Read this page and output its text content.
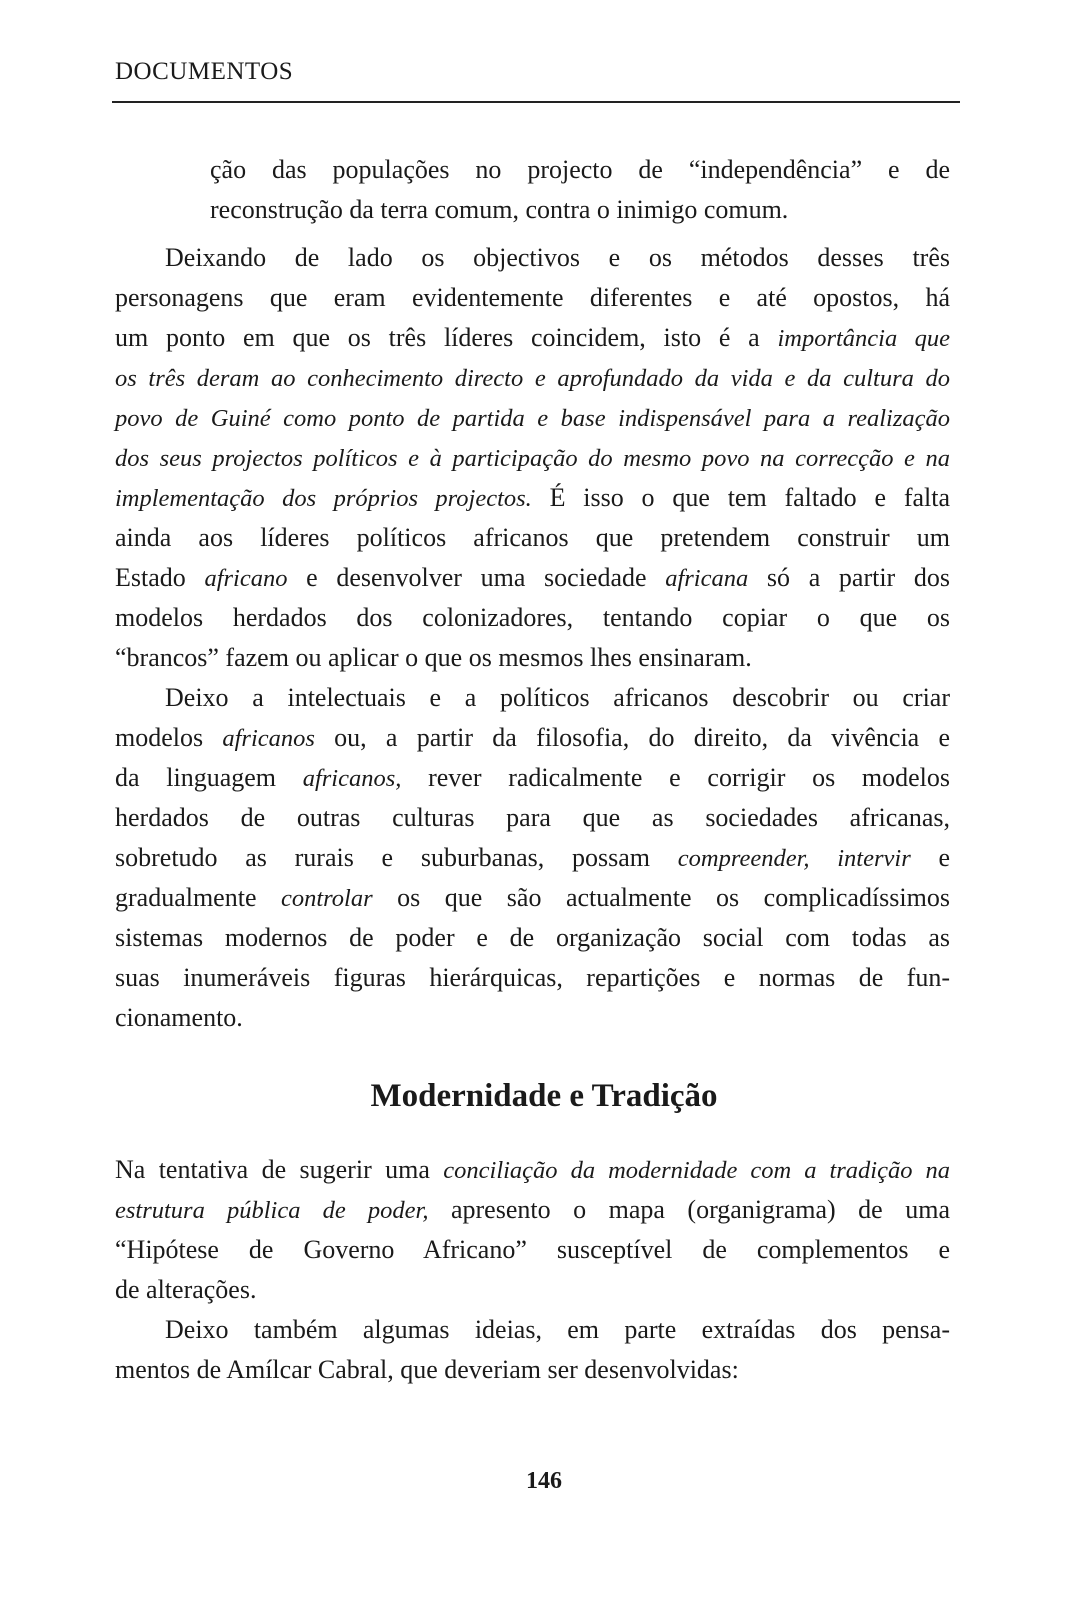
DOCUMENTOS
ção das populações no projecto de “independência” e de
reconstrução da terra comum, contra o inimigo comum.
Deixando de lado os objectivos e os métodos desses três
personagens que eram evidentemente diferentes e até opostos, há
um ponto em que os três líderes coincidem, isto é a importância que
os três deram ao conhecimento directo e aprofundado da vida e da cultura do
povo de Guiné como ponto de partida e base indispensável para a realização
dos seus projectos políticos e à participação do mesmo povo na correcção e na
implementação dos próprios projectos. É isso o que tem faltado e falta
ainda aos líderes políticos africanos que pretendem construir um
Estado africano e desenvolver uma sociedade africana só a partir dos
modelos herdados dos colonizadores, tentando copiar o que os
“brancos” fazem ou aplicar o que os mesmos lhes ensinaram.
Deixo a intelectuais e a políticos africanos descobrir ou criar
modelos africanos ou, a partir da filosofia, do direito, da vivência e
da linguagem africanos, rever radicalmente e corrigir os modelos
herdados de outras culturas para que as sociedades africanas,
sobretudo as rurais e suburbanas, possam compreender, intervir e
gradualmente controlar os que são actualmente os complicadíssimos
sistemas modernos de poder e de organização social com todas as
suas inumeráveis figuras hierárquicas, repartições e normas de fun-
cionamento.
Na tentativa de sugerir uma conciliação da modernidade com a tradição na
estrutura pública de poder, apresento o mapa (organigrama) de uma
“Hipótese de Governo Africano” susceptível de complementos e
de alterações.
Deixo também algumas ideias, em parte extraídas dos pensa-
mentos de Amílcar Cabral, que deveriam ser desenvolvidas:
Modernidade e Tradição
146
